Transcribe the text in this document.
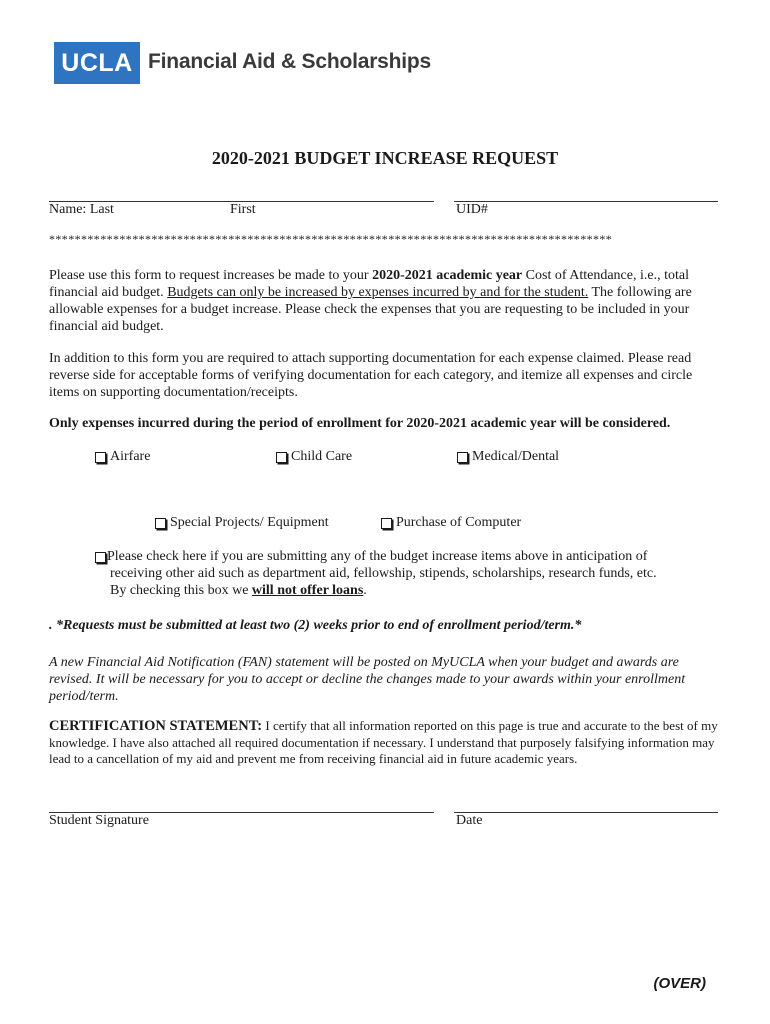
UCLA Financial Aid & Scholarships
2020-2021 BUDGET INCREASE REQUEST
Name: Last	First	UID#
****************************************************************************************
Please use this form to request increases be made to your 2020-2021 academic year Cost of Attendance, i.e., total financial aid budget. Budgets can only be increased by expenses incurred by and for the student. The following are allowable expenses for a budget increase. Please check the expenses that you are requesting to be included in your financial aid budget.
In addition to this form you are required to attach supporting documentation for each expense claimed. Please read reverse side for acceptable forms of verifying documentation for each category, and itemize all expenses and circle items on supporting documentation/receipts.
Only expenses incurred during the period of enrollment for 2020-2021 academic year will be considered.
Airfare	Child Care	Medical/Dental
Special Projects/ Equipment	Purchase of Computer
Please check here if you are submitting any of the budget increase items above in anticipation of
receiving other aid such as department aid, fellowship, stipends, scholarships, research funds, etc.
By checking this box we will not offer loans.
. *Requests must be submitted at least two (2) weeks prior to end of enrollment period/term.*
A new Financial Aid Notification (FAN) statement will be posted on MyUCLA when your budget and awards are revised. It will be necessary for you to accept or decline the changes made to your awards within your enrollment period/term.
CERTIFICATION STATEMENT: I certify that all information reported on this page is true and accurate to the best of my knowledge. I have also attached all required documentation if necessary. I understand that purposely falsifying information may lead to a cancellation of my aid and prevent me from receiving financial aid in future academic years.
Student Signature	Date
(OVER)
